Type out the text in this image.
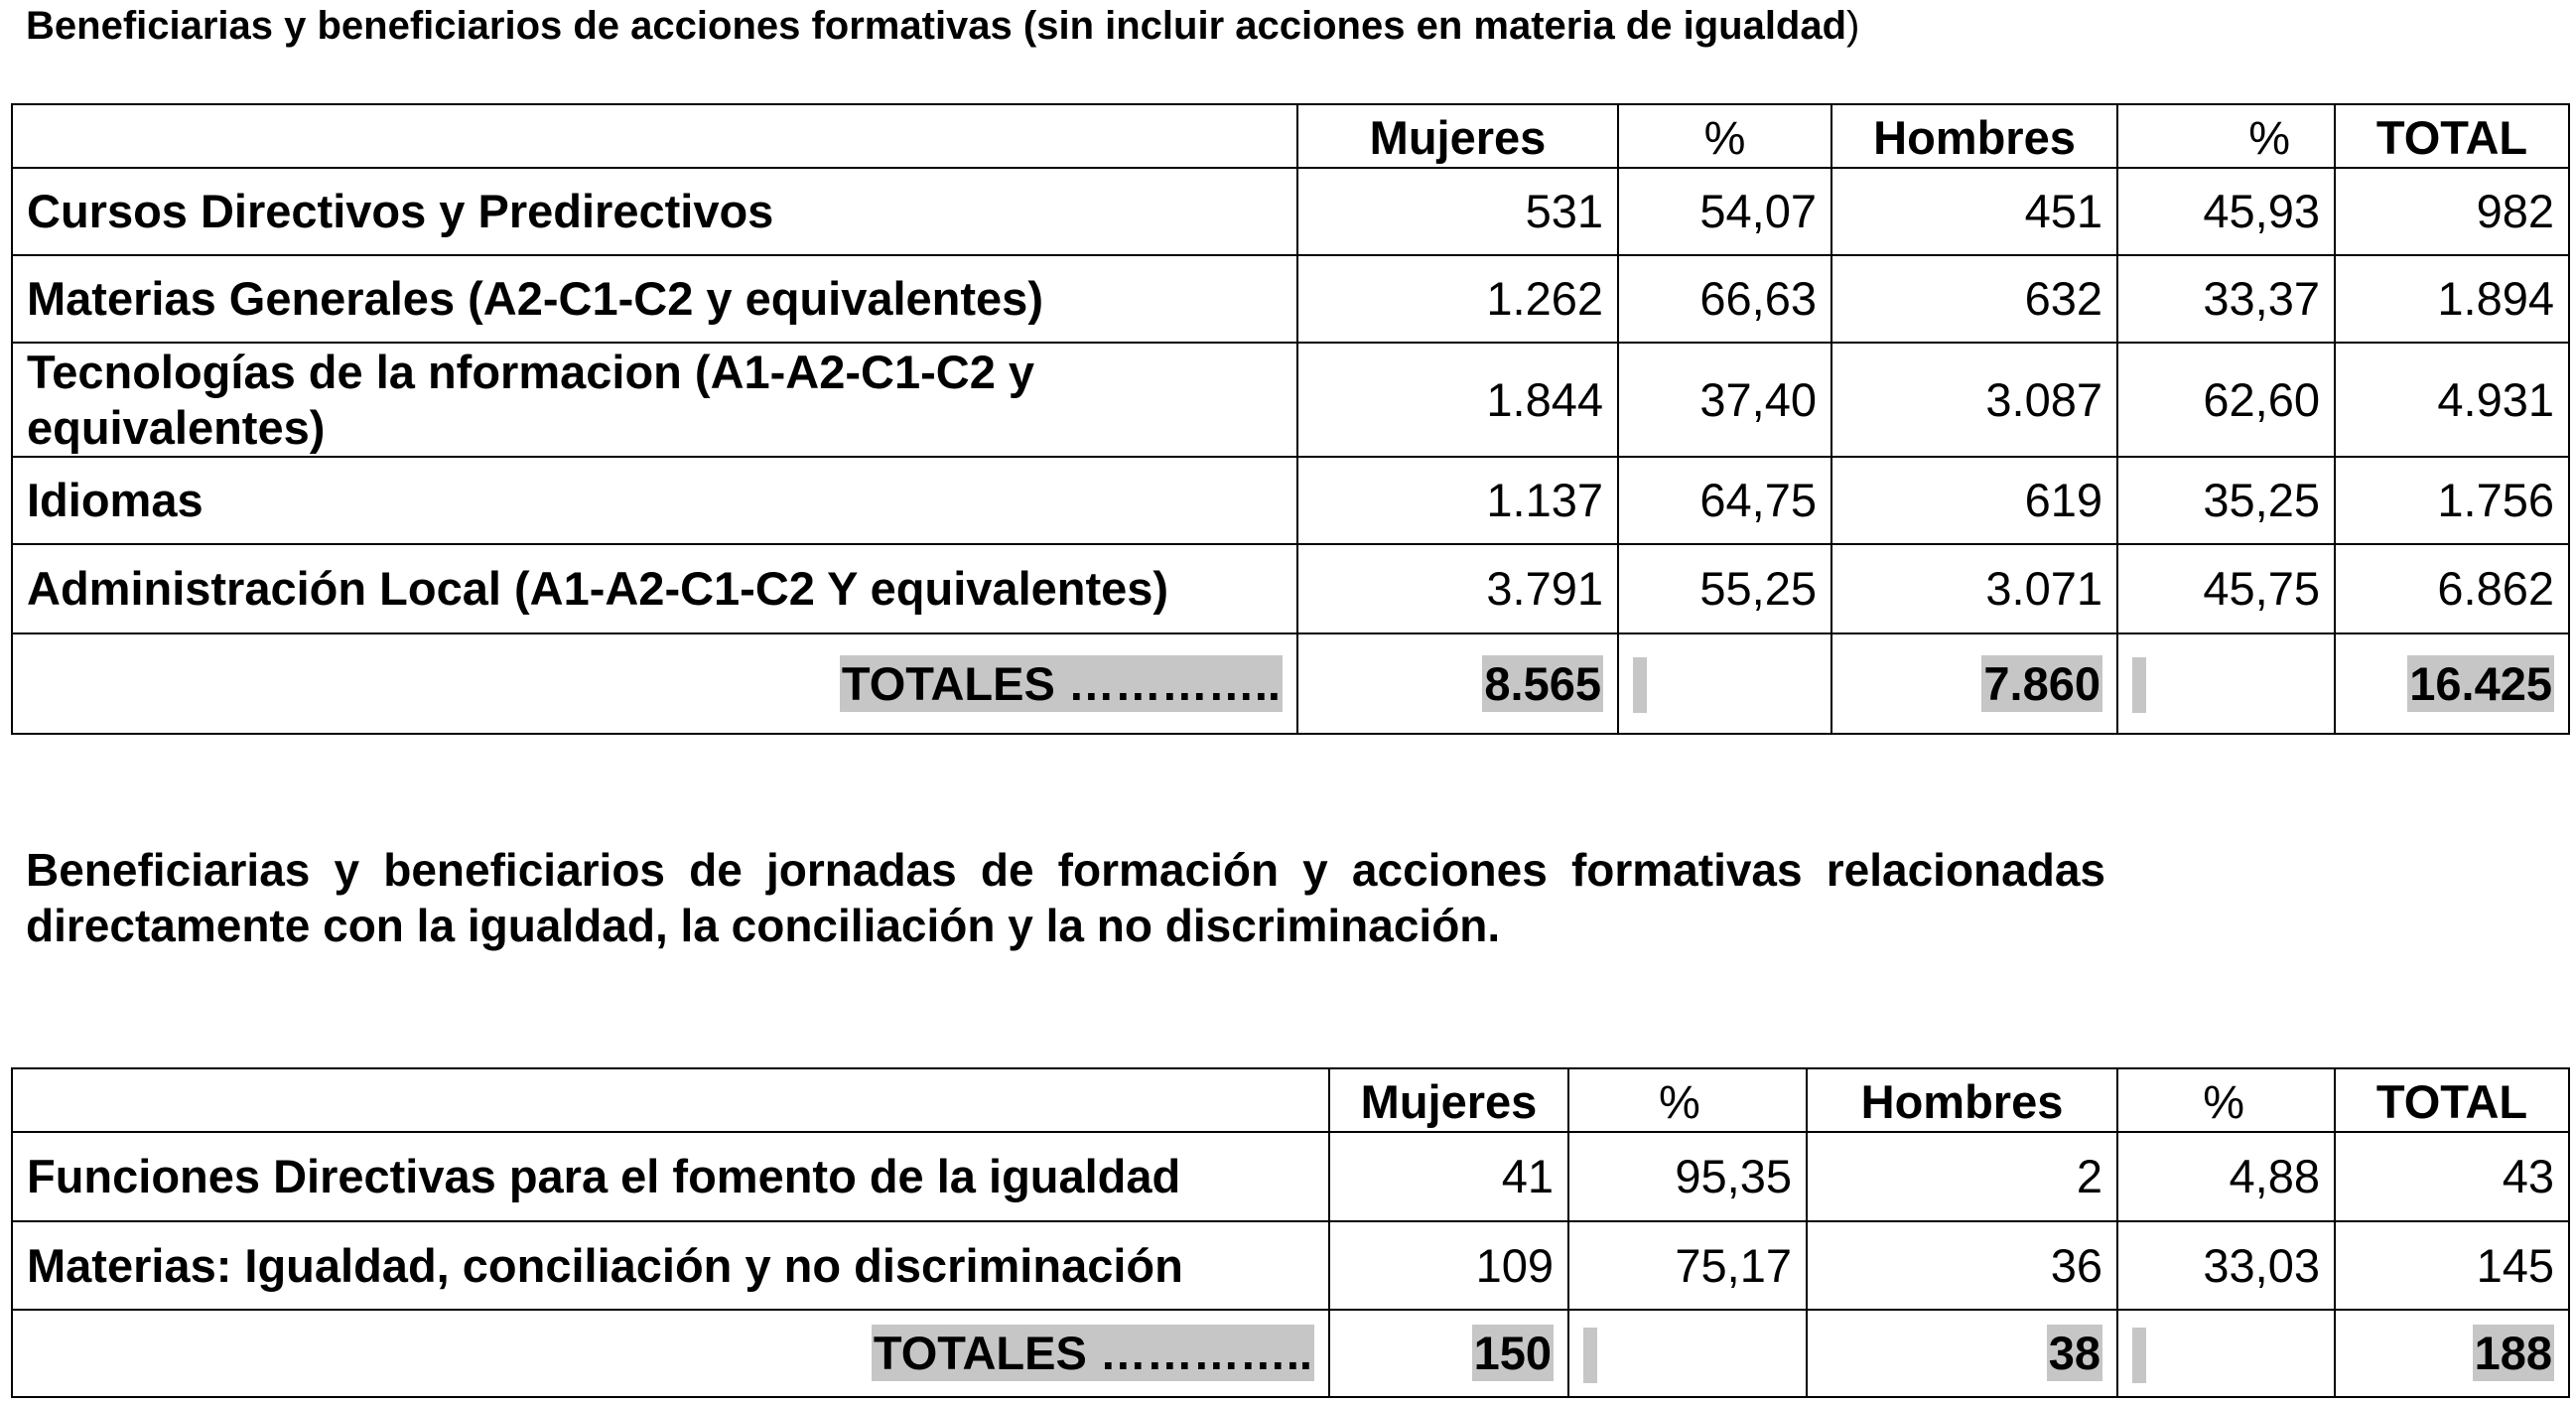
Beneficiarias y beneficiarios de acciones formativas (sin incluir acciones en materia de igualdad)
	Mujeres	%	Hombres	%	TOTAL
Cursos Directivos y Predirectivos	531	54,07	451	45,93	982
Materias Generales (A2-C1-C2 y equivalentes)	1.262	66,63	632	33,37	1.894
Tecnologías de la nformacion (A1-A2-C1-C2 y equivalentes)	1.844	37,40	3.087	62,60	4.931
Idiomas	1.137	64,75	619	35,25	1.756
Administración Local (A1-A2-C1-C2 Y equivalentes)	3.791	55,25	3.071	45,75	6.862
TOTALES …………..	8.565		7.860		16.425
Beneficiarias y beneficiarios de jornadas de formación y acciones formativas relacionadas directamente con la igualdad, la conciliación y la no discriminación.
	Mujeres	%	Hombres	%	TOTAL
Funciones Directivas para el fomento de la igualdad	41	95,35	2	4,88	43
Materias: Igualdad, conciliación y no discriminación	109	75,17	36	33,03	145
TOTALES …………..	150		38		188
